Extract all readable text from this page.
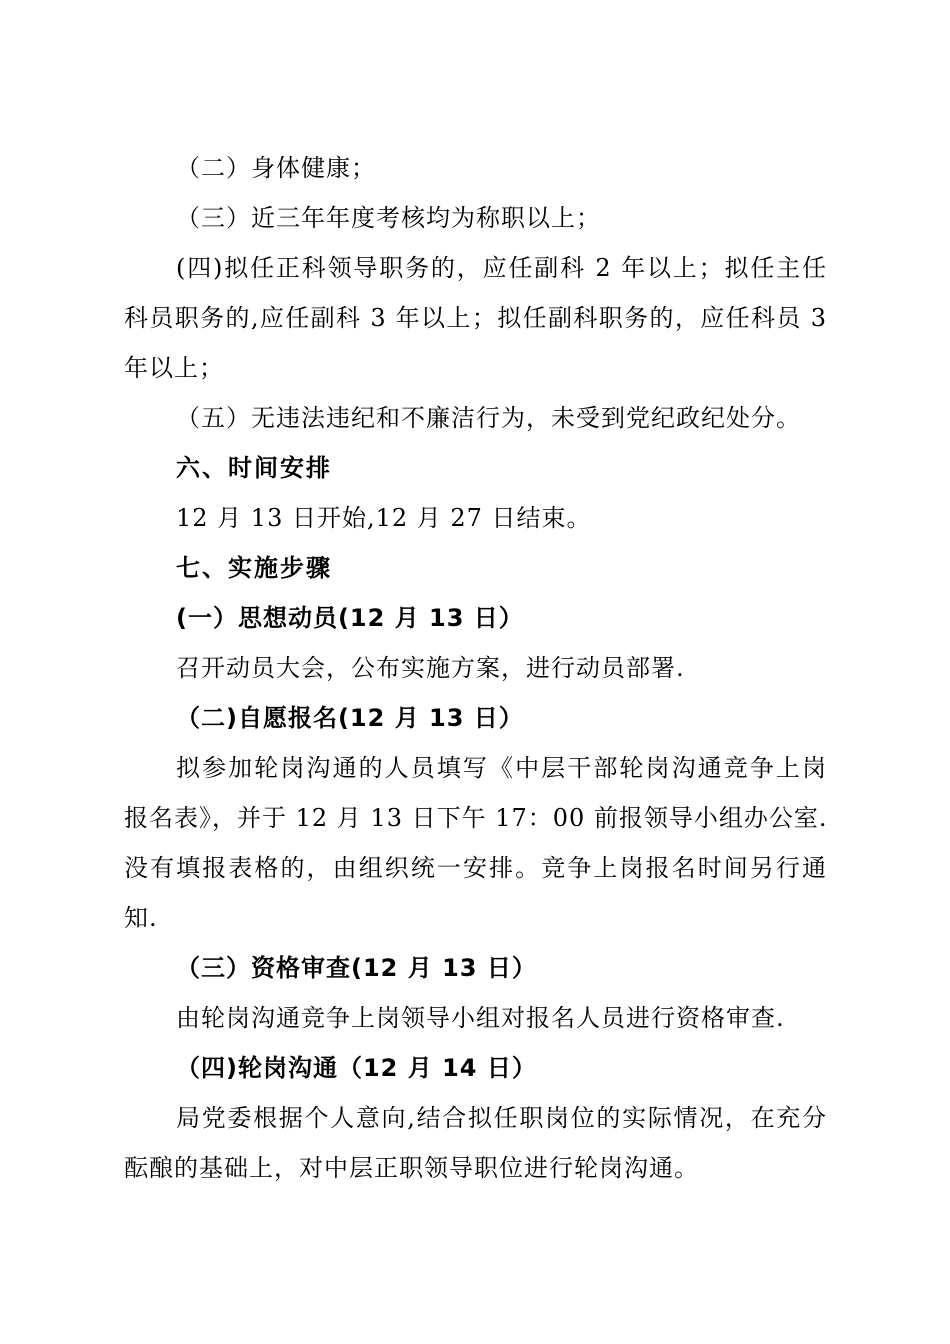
（二）身体健康；
（三）近三年年度考核均为称职以上；
(四)拟任正科领导职务的，应任副科 2 年以上；拟任主任
科员职务的,应任副科 3 年以上；拟任副科职务的，应任科员 3
年以上；
（五）无违法违纪和不廉洁行为，未受到党纪政纪处分。
六、时间安排
12 月 13 日开始,12 月 27 日结束。
七、实施步骤
(一）思想动员(12 月 13 日）
召开动员大会，公布实施方案，进行动员部署.
（二)自愿报名(12 月 13 日）
拟参加轮岗沟通的人员填写《中层干部轮岗沟通竞争上岗
报名表》，并于 12 月 13 日下午 17：00 前报领导小组办公室.
没有填报表格的，由组织统一安排。竞争上岗报名时间另行通
知.
（三）资格审查(12 月 13 日）
由轮岗沟通竞争上岗领导小组对报名人员进行资格审查.
（四)轮岗沟通（12 月 14 日）
局党委根据个人意向,结合拟任职岗位的实际情况，在充分
酝酿的基础上，对中层正职领导职位进行轮岗沟通。
